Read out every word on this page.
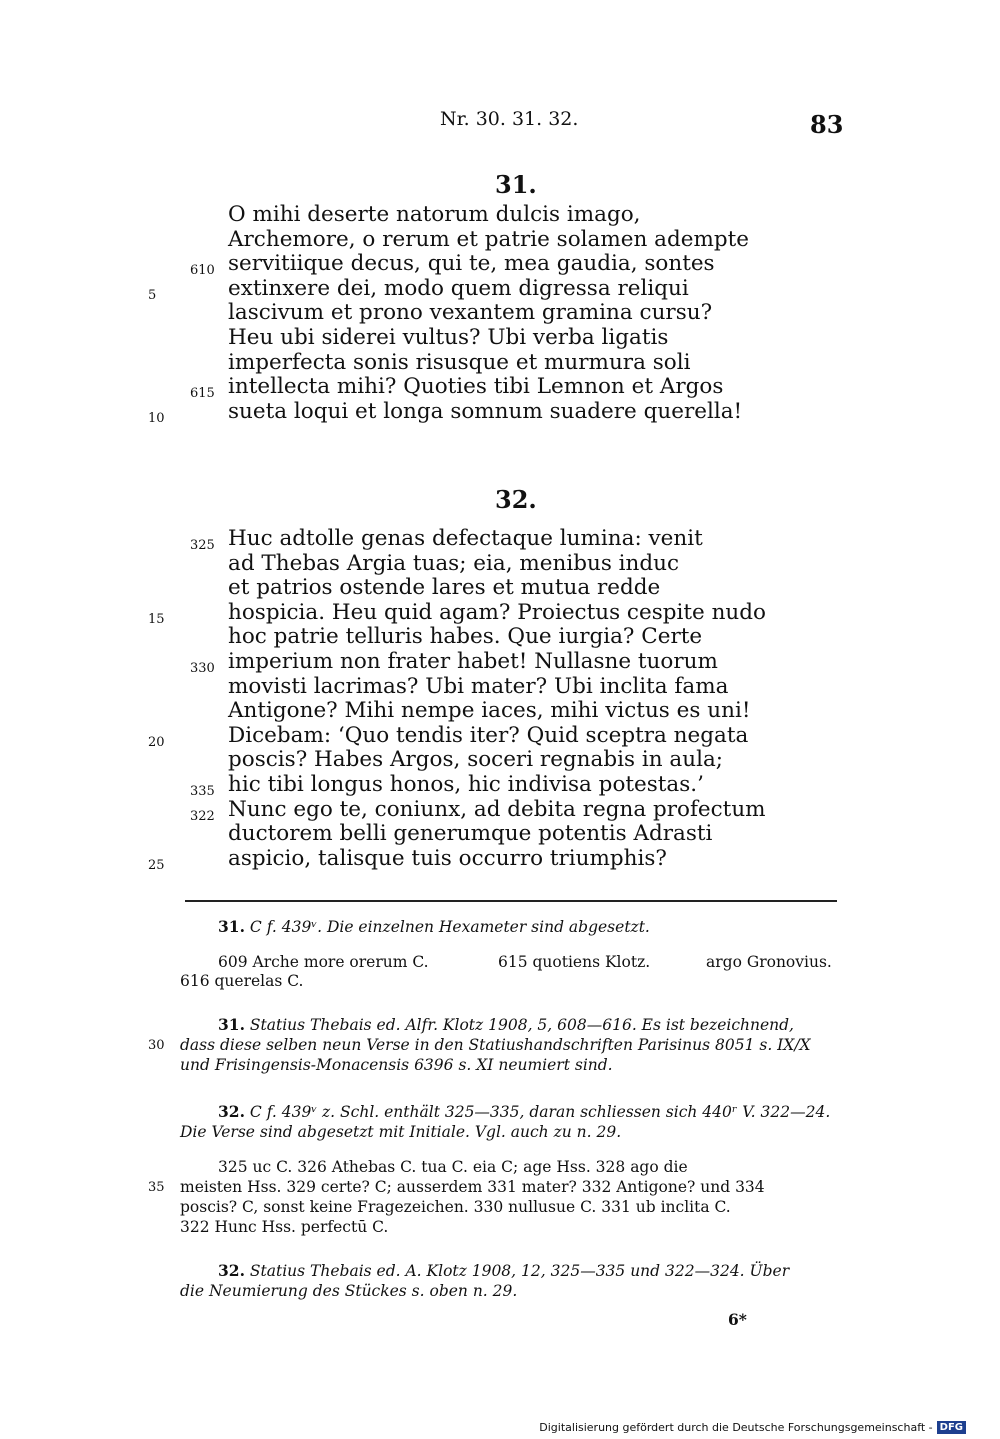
Nr. 30. 31. 32.	83
31.
O mihi deserte natorum dulcis imago,
Archemore, o rerum et patrie solamen adempte
servitiique decus, qui te, mea gaudia, sontes
610
extinxere dei, modo quem digressa reliqui
5
lascivum et prono vexantem gramina cursu?
Heu ubi siderei vultus? Ubi verba ligatis
imperfecta sonis risusque et murmura soli
intellecta mihi? Quoties tibi Lemnon et Argos
615
sueta loqui et longa somnum suadere querella!
10
32.
Huc adtolle genas defectaque lumina: venit
325
ad Thebas Argia tuas; eia, menibus induc
et patrios ostende lares et mutua redde
hospicia. Heu quid agam? Proiectus cespite nudo
15
hoc patrie telluris habes. Que iurgia? Certe
imperium non frater habet! Nullasne tuorum
330
movisti lacrimas? Ubi mater? Ubi inclita fama
Antigone? Mihi nempe iaces, mihi victus es uni!
Dicebam: ‘Quo tendis iter? Quid sceptra negata
20
poscis? Habes Argos, soceri regnabis in aula;
hic tibi longus honos, hic indivisa potestas.’
335
Nunc ego te, coniunx, ad debita regna profectum
322
ductorem belli generumque potentis Adrasti
aspicio, talisque tuis occurro triumphis?
25
31. C f. 439ᵛ. Die einzelnen Hexameter sind abgesetzt.
609 Arche more orerum C.	615 quotiens Klotz.	argo Gronovius.
616 querelas C.
31. Statius Thebais ed. Alfr. Klotz 1908, 5, 608—616. Es ist bezeichnend,
dass diese selben neun Verse in den Statiushandschriften Parisinus 8051 s. IX/X
und Frisingensis-Monacensis 6396 s. XI neumiert sind.
30
32. C f. 439ᵛ z. Schl. enthält 325—335, daran schliessen sich 440ʳ V. 322—24.
Die Verse sind abgesetzt mit Initiale. Vgl. auch zu n. 29.
325 uc C. 326 Athebas C. tua C. eia C; age Hss. 328 ago die
meisten Hss. 329 certe? C; ausserdem 331 mater? 332 Antigone? und 334
poscis? C, sonst keine Fragezeichen. 330 nullusue C. 331 ub inclita C.
322 Hunc Hss. perfectū C.
35
32. Statius Thebais ed. A. Klotz 1908, 12, 325—335 und 322—324. Über
die Neumierung des Stückes s. oben n. 29.
6*
Digitalisierung gefördert durch die Deutsche Forschungsgemeinschaft - DFG
